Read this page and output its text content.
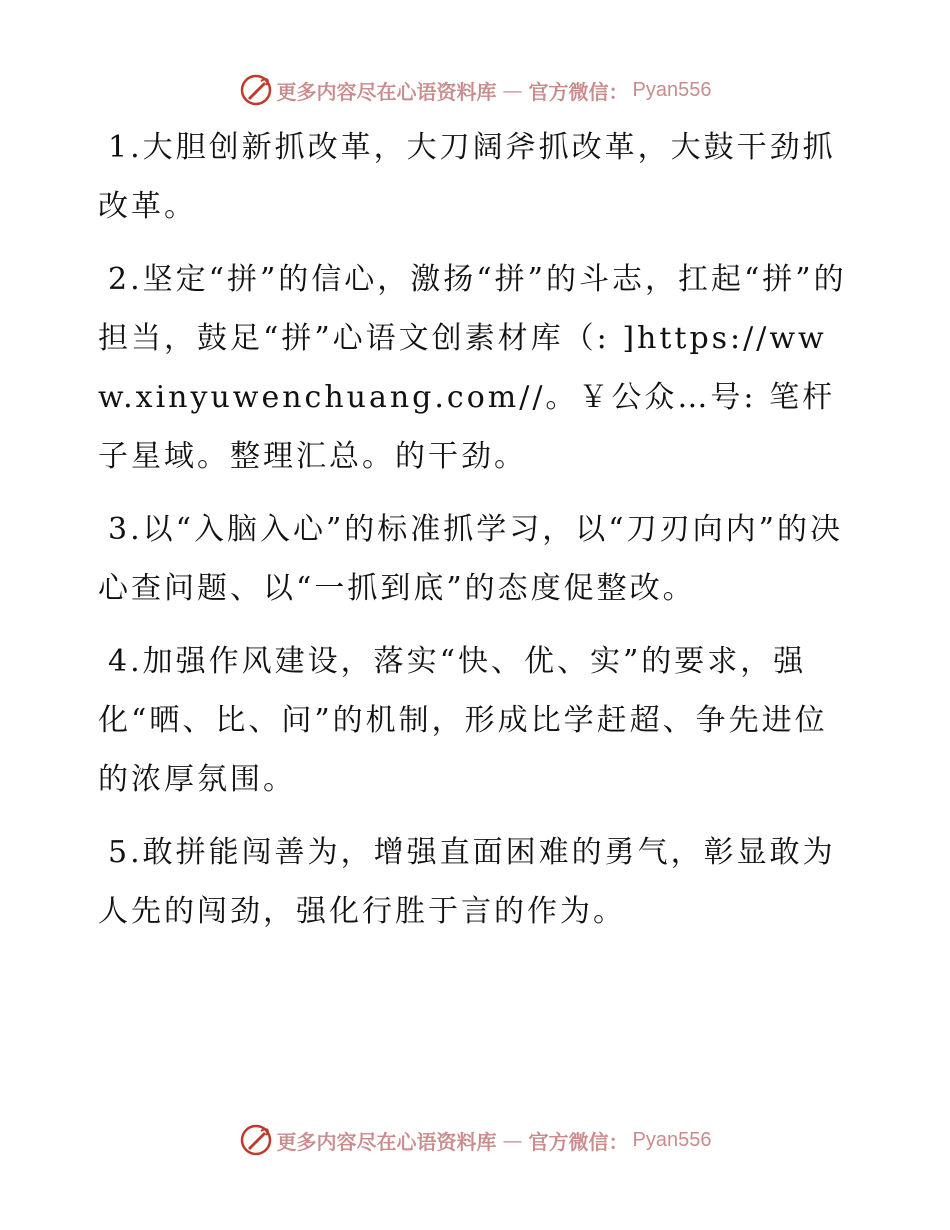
更多内容尽在心语资料库 — 官方微信： Pyan556

1.大胆创新抓改革，大刀阔斧抓改革，大鼓干劲抓改革。

2.坚定“拼”的信心，激扬“拼”的斗志，扛起“拼”的担当，鼓足“拼”心语文创素材库（: ]https://www.xinyuwenchuang.com//。￥公众…号: 笔杆子星域。整理汇总。的干劲。

3.以“入脑入心”的标准抓学习，以“刀刃向内”的决心查问题、以“一抓到底”的态度促整改。

4.加强作风建设，落实“快、优、实”的要求，强化“晒、比、问”的机制，形成比学赶超、争先进位的浓厚氛围。

5.敢拼能闯善为，增强直面困难的勇气，彰显敢为人先的闯劲，强化行胜于言的作为。

更多内容尽在心语资料库 — 官方微信： Pyan556
